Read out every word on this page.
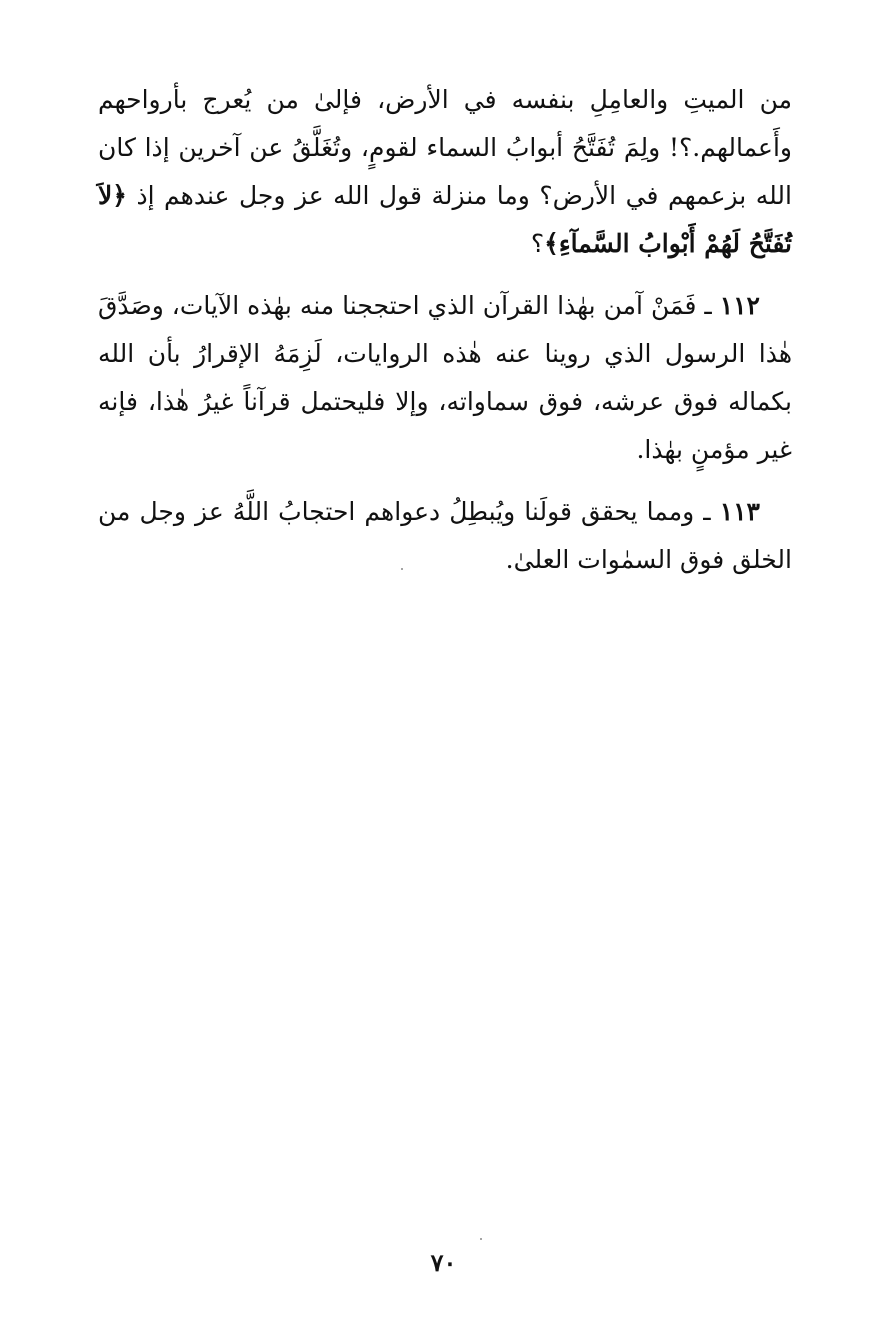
من الميتِ والعامِلِ بنفسه في الأرض، فإلىٰ من يُعرج بأرواحهم وأَعمالهم.؟! ولِمَ تُفَتَّحُ أبوابُ السماء لقومٍ، وتُغَلَّقُ عن آخرين إذا كان الله بزعمهم في الأرض؟ وما منزلة قول الله عز وجل عندهم إذ ﴿لاَ تُفَتَّحُ لَهُمْ أَبْوابُ السَّمآءِ﴾؟

١١٢ ـ فَمَنْ آمن بهٰذا القرآن الذي احتججنا منه بهٰذه الآيات، وصَدَّقَ هٰذا الرسول الذي روينا عنه هٰذه الروايات، لَزِمَهُ الإقرارُ بأن الله بكماله فوق عرشه، فوق سماواته، وإلا فليحتمل قرآناً غيرُ هٰذا، فإنه غير مؤمنٍ بهٰذا.

١١٣ ـ ومما يحقق قولَنا ويُبطِلُ دعواهم احتجابُ اللَّهُ عز وجل من الخلق فوق السمٰوات العلىٰ.

٧٠
